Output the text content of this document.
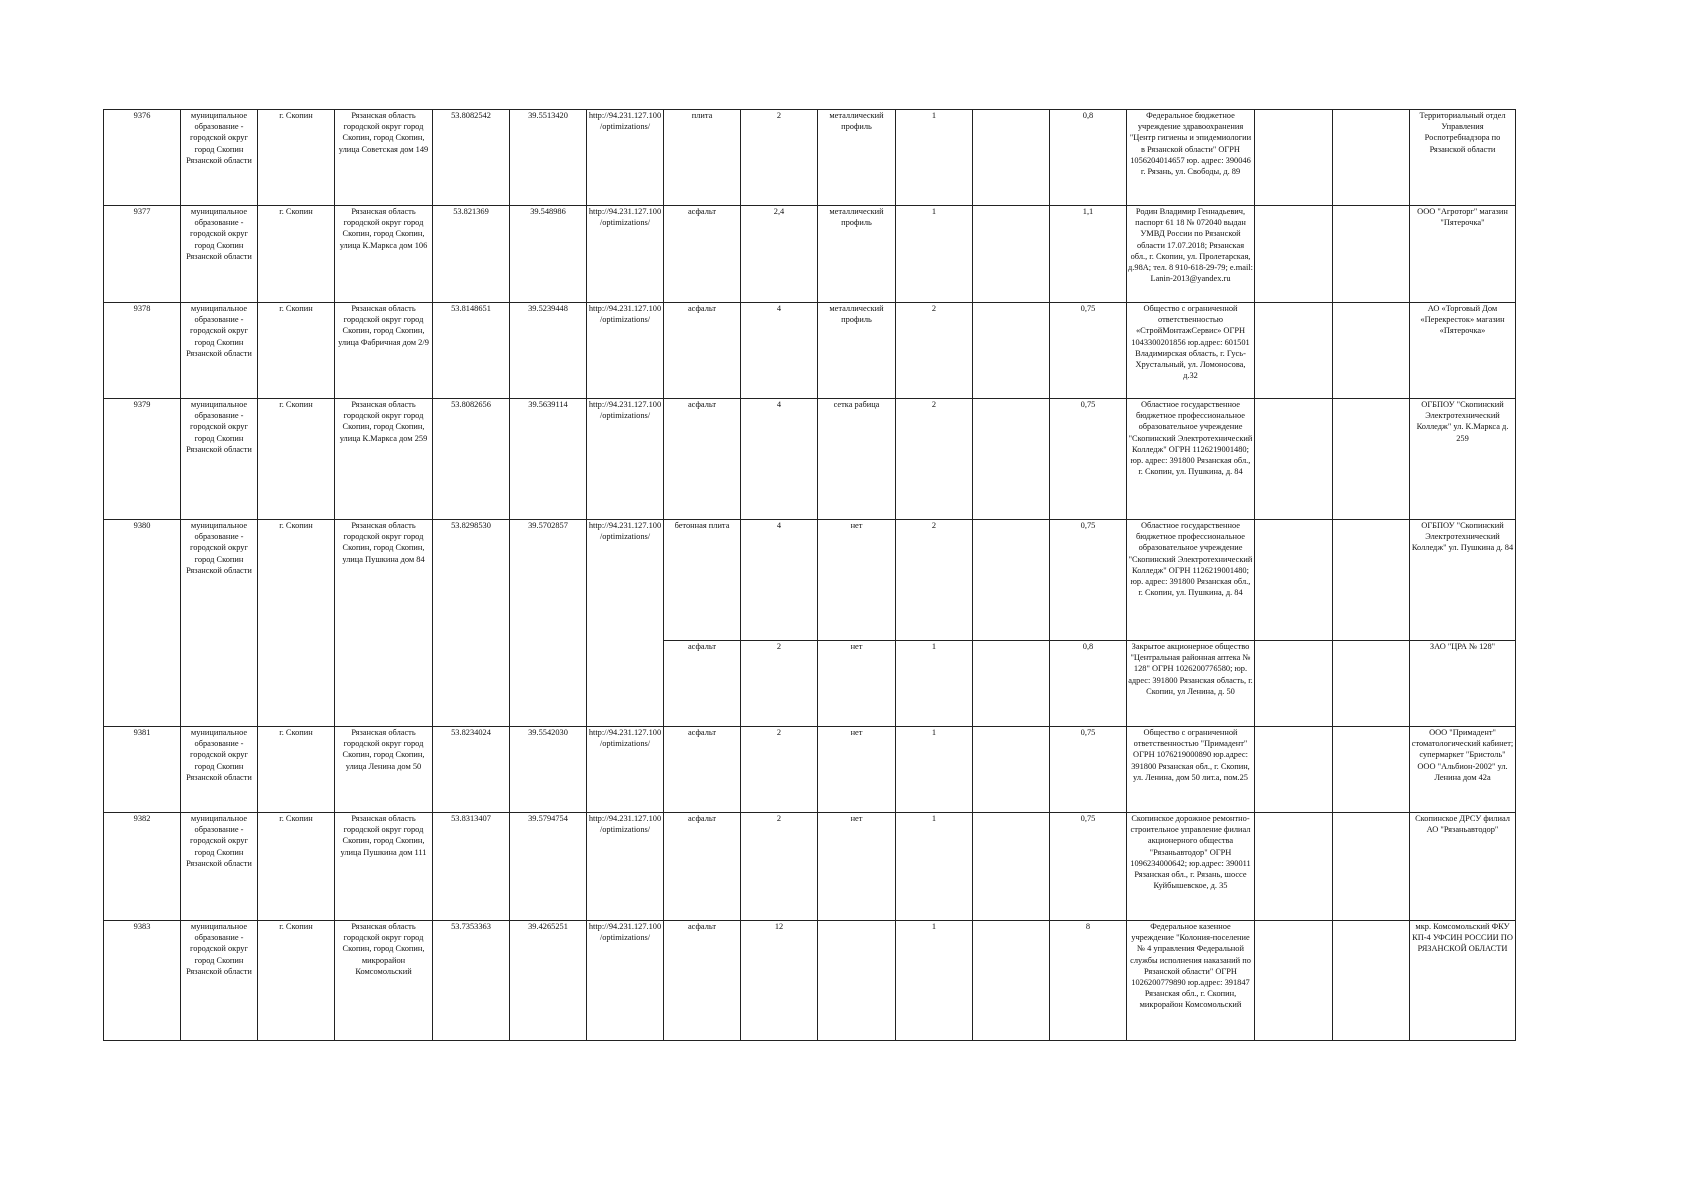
9376	муниципальное образование - городской округ город Скопин Рязанской области	г. Скопин	Рязанская область городской округ город Скопин, город Скопин, улица Советская дом 149	53.8082542	39.5513420	http://94.231.127.100/optimizations/	плита	2	металлический профиль	1		0,8	Федеральное бюджетное учреждение здравоохранения "Центр гигиены и эпидемиологии в Рязанской области" ОГРН 1056204014657 юр. адрес: 390046 г. Рязань, ул. Свободы, д. 89			Территориальный отдел Управления Роспотребнадзора по Рязанской области
9377	муниципальное образование - городской округ город Скопин Рязанской области	г. Скопин	Рязанская область городской округ город Скопин, город Скопин, улица К.Маркса дом 106	53.821369	39.548986	http://94.231.127.100/optimizations/	асфальт	2,4	металлический профиль	1		1,1	Родин Владимир Геннадьевич, паспорт 61 18 № 072040 выдан УМВД России по Рязанской области 17.07.2018; Рязанская обл., г. Скопин, ул. Пролетарская, д.98А; тел. 8 910-618-29-79; e.mail: Lanin-2013@yandex.ru			ООО "Агроторг" магазин "Пятерочка"
9378	муниципальное образование - городской округ город Скопин Рязанской области	г. Скопин	Рязанская область городской округ город Скопин, город Скопин, улица Фабричная дом 2/9	53.8148651	39.5239448	http://94.231.127.100/optimizations/	асфальт	4	металлический профиль	2		0,75	Общество с ограниченной ответственностью «СтройМонтажСервис» ОГРН 1043300201856 юр.адрес: 601501 Владимирская область, г. Гусь-Хрустальный, ул. Ломоносова, д.32			АО «Торговый Дом «Перекресток» магазин «Пятерочка»
9379	муниципальное образование - городской округ город Скопин Рязанской области	г. Скопин	Рязанская область городской округ город Скопин, город Скопин, улица К.Маркса дом 259	53.8082656	39.5639114	http://94.231.127.100/optimizations/	асфальт	4	сетка рабица	2		0,75	Областное государственное бюджетное профессиональное образовательное учреждение "Скопинский Электротехнический Колледж" ОГРН 1126219001480; юр. адрес: 391800 Рязанская обл., г. Скопин, ул. Пушкина, д. 84			ОГБПОУ "Скопинский Электротехнический Колледж" ул. К.Маркса д. 259
9380	муниципальное образование - городской округ город Скопин Рязанской области	г. Скопин	Рязанская область городской округ город Скопин, город Скопин, улица Пушкина дом 84	53.8298530	39.5702857	http://94.231.127.100/optimizations/	бетонная плита	4	нет	2		0,75	Областное государственное бюджетное профессиональное образовательное учреждение "Скопинский Электротехнический Колледж" ОГРН 1126219001480; юр. адрес: 391800 Рязанская обл., г. Скопин, ул. Пушкина, д. 84			ОГБПОУ "Скопинский Электротехнический Колледж" ул. Пушкина д. 84
							асфальт	2	нет	1		0,8	Закрытое акционерное общество "Центральная районная аптека № 128" ОГРН 1026200776580; юр. адрес: 391800 Рязанская область, г. Скопин, ул Ленина, д. 50			ЗАО "ЦРА № 128"
9381	муниципальное образование - городской округ город Скопин Рязанской области	г. Скопин	Рязанская область городской округ город Скопин, город Скопин, улица Ленина дом 50	53.8234024	39.5542030	http://94.231.127.100/optimizations/	асфальт	2	нет	1		0,75	Общество с ограниченной ответственностью "Примадент" ОГРН 1076219000890 юр.адрес: 391800 Рязанская обл., г. Скопин, ул. Ленина, дом 50 лит.а, пом.25			ООО "Примадент" стоматологический кабинет; супермаркет "Бристоль" ООО "Альбион-2002" ул. Ленина дом 42а
9382	муниципальное образование - городской округ город Скопин Рязанской области	г. Скопин	Рязанская область городской округ город Скопин, город Скопин, улица Пушкина дом 111	53.8313407	39.5794754	http://94.231.127.100/optimizations/	асфальт	2	нет	1		0,75	Скопинское дорожное ремонтно-строительное управление филиал акционерного общества "Рязаньавтодор" ОГРН 1096234000642; юр.адрес: 390011 Рязанская обл., г. Рязань, шоссе Куйбышевское, д. 35			Скопинское ДРСУ филиал АО "Рязаньавтодор"
9383	муниципальное образование - городской округ город Скопин Рязанской области	г. Скопин	Рязанская область городской округ город Скопин, город Скопин, микрорайон Комсомольский	53.7353363	39.4265251	http://94.231.127.100/optimizations/	асфальт	12		1		8	Федеральное казенное учреждение "Колония-поселение № 4 управления Федеральной службы исполнения наказаний по Рязанской области" ОГРН 1026200779890 юр.адрес: 391847 Рязанская обл., г. Скопин, микрорайон Комсомольский			мкр. Комсомольский ФКУ КП-4 УФСИН РОССИИ ПО РЯЗАНСКОЙ ОБЛАСТИ
